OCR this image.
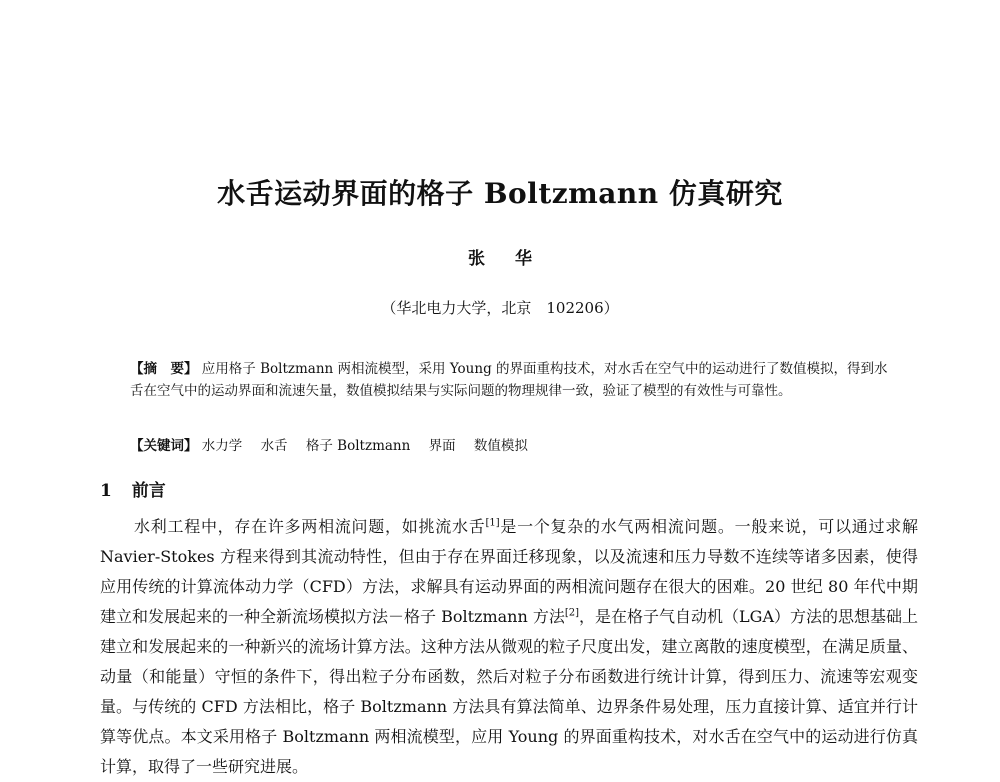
水舌运动界面的格子 Boltzmann 仿真研究
张 华
（华北电力大学，北京　102206）
【摘　要】 应用格子 Boltzmann 两相流模型，采用 Young 的界面重构技术，对水舌在空气中的运动进行了数值模拟，得到水舌在空气中的运动界面和流速矢量，数值模拟结果与实际问题的物理规律一致，验证了模型的有效性与可靠性。
【关键词】 水力学 水舌 格子 Boltzmann 界面 数值模拟
1 前言
水利工程中，存在许多两相流问题，如挑流水舌[1]是一个复杂的水气两相流问题。一般来说，可以通过求解 Navier-Stokes 方程来得到其流动特性，但由于存在界面迁移现象，以及流速和压力导数不连续等诸多因素，使得应用传统的计算流体动力学（CFD）方法，求解具有运动界面的两相流问题存在很大的困难。20 世纪 80 年代中期建立和发展起来的一种全新流场模拟方法－格子 Boltzmann 方法[2]，是在格子气自动机（LGA）方法的思想基础上建立和发展起来的一种新兴的流场计算方法。这种方法从微观的粒子尺度出发，建立离散的速度模型，在满足质量、动量（和能量）守恒的条件下，得出粒子分布函数，然后对粒子分布函数进行统计计算，得到压力、流速等宏观变量。与传统的 CFD 方法相比，格子 Boltzmann 方法具有算法简单、边界条件易处理，压力直接计算、适宜并行计算等优点。本文采用格子 Boltzmann 两相流模型，应用 Young 的界面重构技术，对水舌在空气中的运动进行仿真计算，取得了一些研究进展。
